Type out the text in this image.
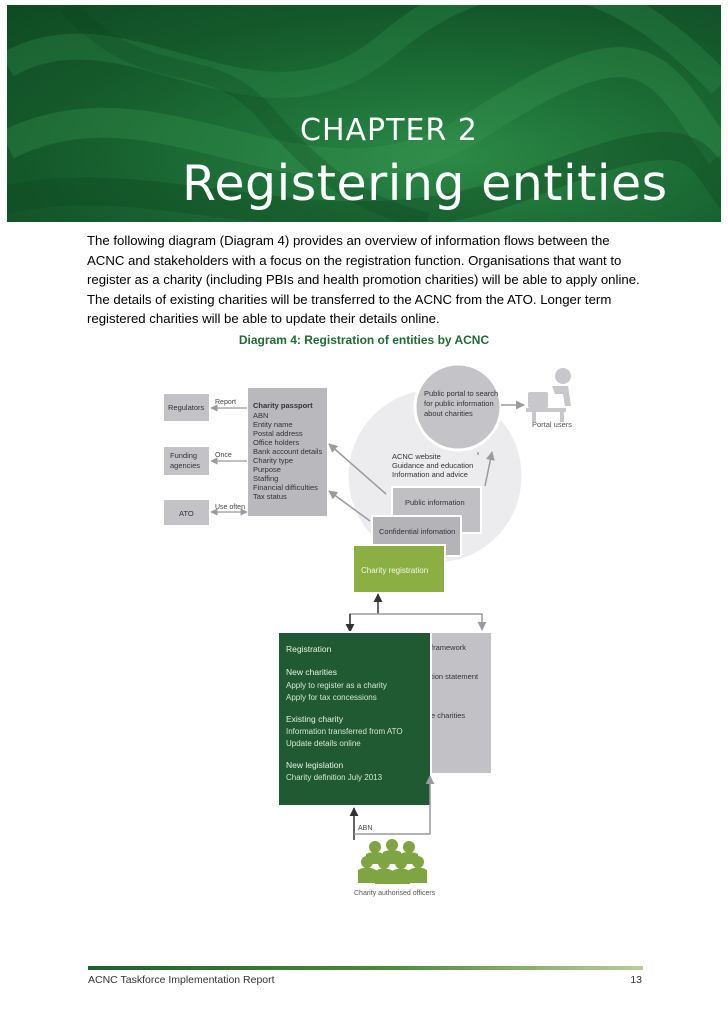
CHAPTER 2
Registering entities

The following diagram (Diagram 4) provides an overview of information flows between the ACNC and stakeholders with a focus on the registration function. Organisations that want to register as a charity (including PBIs and health promotion charities) will be able to apply online. The details of existing charities will be transferred to the ACNC from the ATO. Longer term registered charities will be able to update their details online.

Diagram 4: Registration of entities by ACNC
Portal users
Public portal to search for public information about charities
ACNC website Guidance and education Information and advice
framework tion statement e charities
Public information
Confidential infomation
Charity registration
Charity passport
ABN
Entity name
Postal address
Office holders
Bank account details
Charity type
Purpose
Staffing
Financial difficulties
Tax status
Regulators
Funding agencies
ATO
Report
Once
Use often
Registration
New charities
Apply to register as a charity
Apply for tax concessions
Existing charity
Information transferred from ATO
Update details online
New legislation
Charity definition July 2013
ABN
Charity authorised officers
ACNC Taskforce Implementation Report	13
